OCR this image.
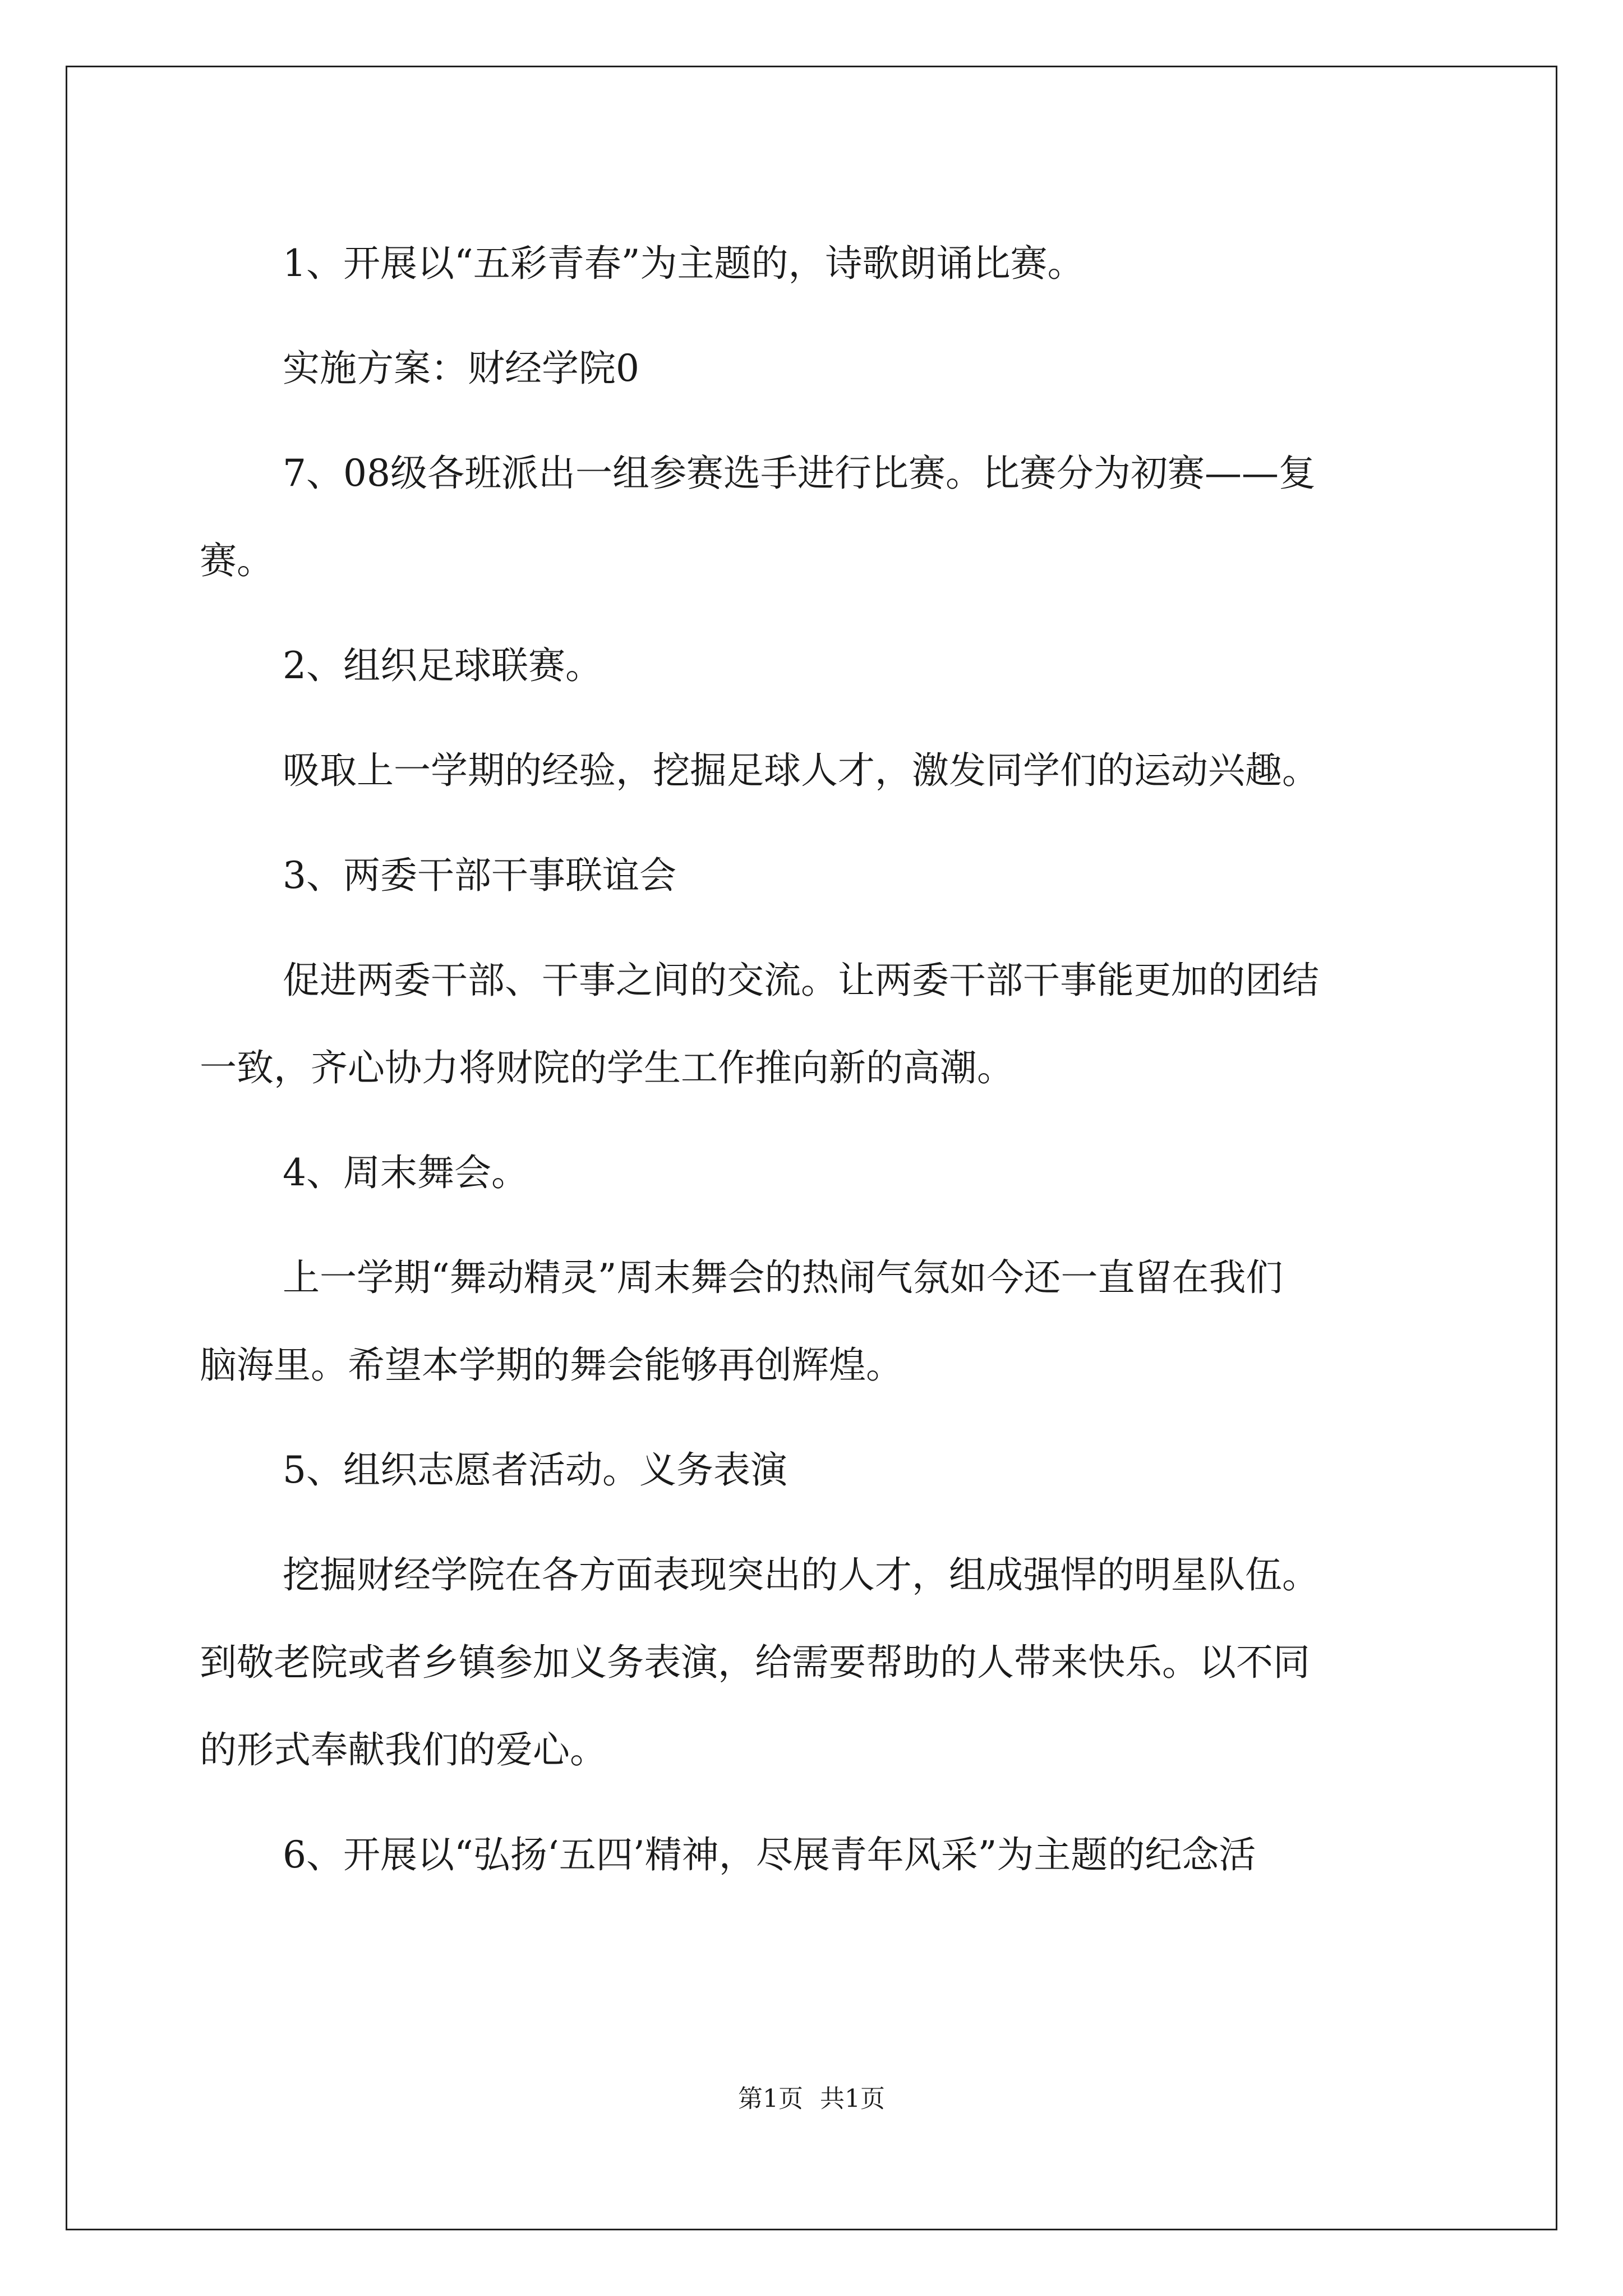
1、开展以“五彩青春”为主题的，诗歌朗诵比赛。
实施方案：财经学院0
7、08级各班派出一组参赛选手进行比赛。比赛分为初赛——复
赛。
2、组织足球联赛。
吸取上一学期的经验，挖掘足球人才，激发同学们的运动兴趣。
3、两委干部干事联谊会
促进两委干部、干事之间的交流。让两委干部干事能更加的团结
一致，齐心协力将财院的学生工作推向新的高潮。
4、周末舞会。
上一学期“舞动精灵”周末舞会的热闹气氛如今还一直留在我们
脑海里。希望本学期的舞会能够再创辉煌。
5、组织志愿者活动。义务表演
挖掘财经学院在各方面表现突出的人才，组成强悍的明星队伍。
到敬老院或者乡镇参加义务表演，给需要帮助的人带来快乐。以不同
的形式奉献我们的爱心。
6、开展以“弘扬‘五四’精神，尽展青年风采”为主题的纪念活
第1页 共1页
